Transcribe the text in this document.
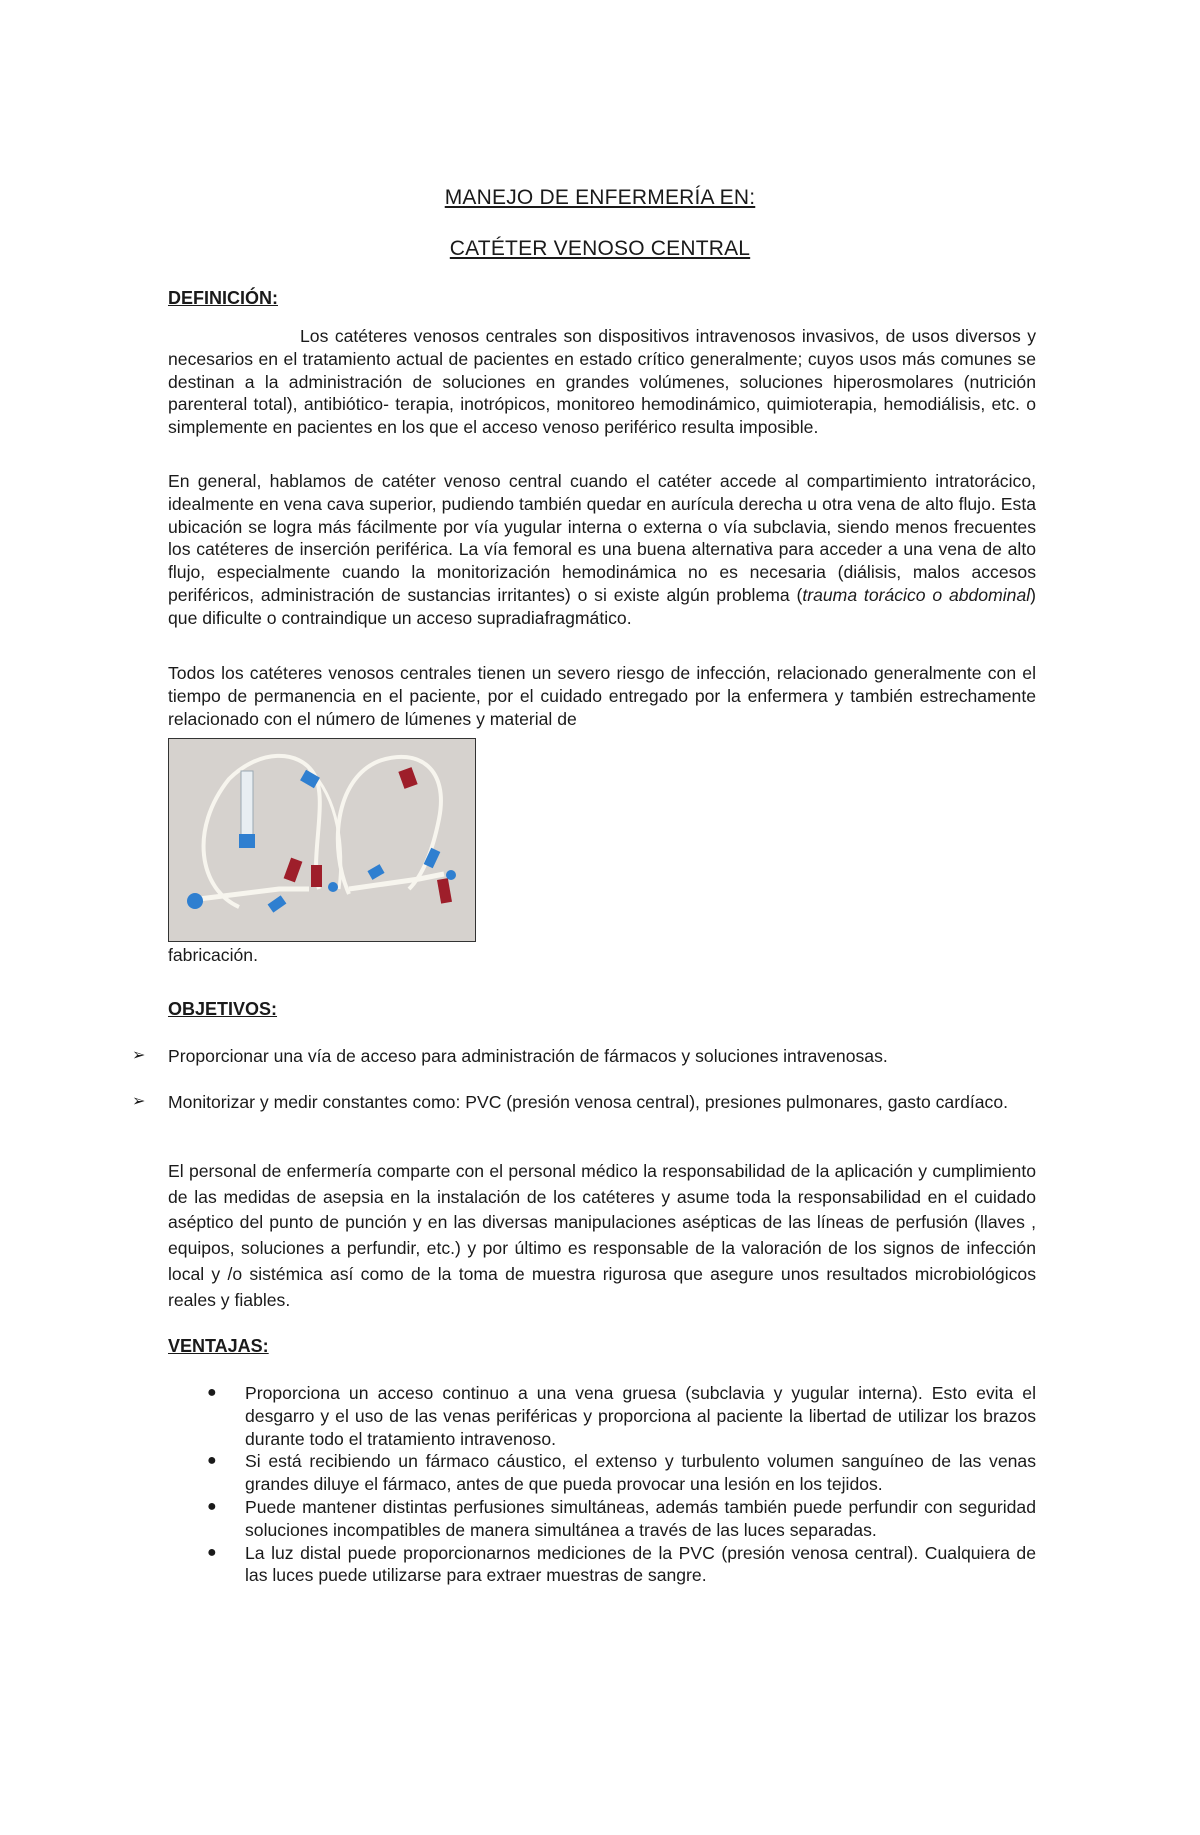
MANEJO DE ENFERMERÍA EN:
CATÉTER VENOSO CENTRAL
DEFINICIÓN:

Los catéteres venosos centrales son dispositivos intravenosos invasivos, de usos diversos y necesarios en el tratamiento actual de pacientes en estado crítico generalmente; cuyos usos más comunes se destinan a la administración de soluciones en grandes volúmenes, soluciones hiperosmolares (nutrición parenteral total), antibiótico- terapia, inotrópicos, monitoreo hemodinámico, quimioterapia, hemodiálisis, etc. o simplemente en pacientes en los que el acceso venoso periférico resulta imposible.

En general, hablamos de catéter venoso central cuando el catéter accede al compartimiento intratorácico, idealmente en vena cava superior, pudiendo también quedar en aurícula derecha u otra vena de alto flujo. Esta ubicación se logra más fácilmente por vía yugular interna o externa o vía subclavia, siendo menos frecuentes los catéteres de inserción periférica. La vía femoral es una buena alternativa para acceder a una vena de alto flujo, especialmente cuando la monitorización hemodinámica no es necesaria (diálisis, malos accesos periféricos, administración de sustancias irritantes) o si existe algún problema (trauma torácico o abdominal) que dificulte o contraindique un acceso supradiafragmático.

Todos los catéteres venosos centrales tienen un severo riesgo de infección, relacionado generalmente con el tiempo de permanencia en el paciente, por el cuidado entregado por la enfermera y también estrechamente relacionado con el número de lúmenes y material de

fabricación.

OBJETIVOS:
➢ Proporcionar una vía de acceso para administración de fármacos y soluciones intravenosas.
➢ Monitorizar y medir constantes como: PVC (presión venosa central), presiones pulmonares, gasto cardíaco.

El personal de enfermería comparte con el personal médico la responsabilidad de la aplicación y cumplimiento de las medidas de asepsia en la instalación de los catéteres y asume toda la responsabilidad en el cuidado aséptico del punto de punción y en las diversas manipulaciones asépticas de las líneas de perfusión (llaves , equipos, soluciones a perfundir, etc.) y por último es responsable de la valoración de los signos de infección local y /o sistémica así como de la toma de muestra rigurosa que asegure unos resultados microbiológicos reales y fiables.

VENTAJAS:
● Proporciona un acceso continuo a una vena gruesa (subclavia y yugular interna). Esto evita el desgarro y el uso de las venas periféricas y proporciona al paciente la libertad de utilizar los brazos durante todo el tratamiento intravenoso.
● Si está recibiendo un fármaco cáustico, el extenso y turbulento volumen sanguíneo de las venas grandes diluye el fármaco, antes de que pueda provocar una lesión en los tejidos.
● Puede mantener distintas perfusiones simultáneas, además también puede perfundir con seguridad soluciones incompatibles de manera simultánea a través de las luces separadas.
● La luz distal puede proporcionarnos mediciones de la PVC (presión venosa central). Cualquiera de las luces puede utilizarse para extraer muestras de sangre.
